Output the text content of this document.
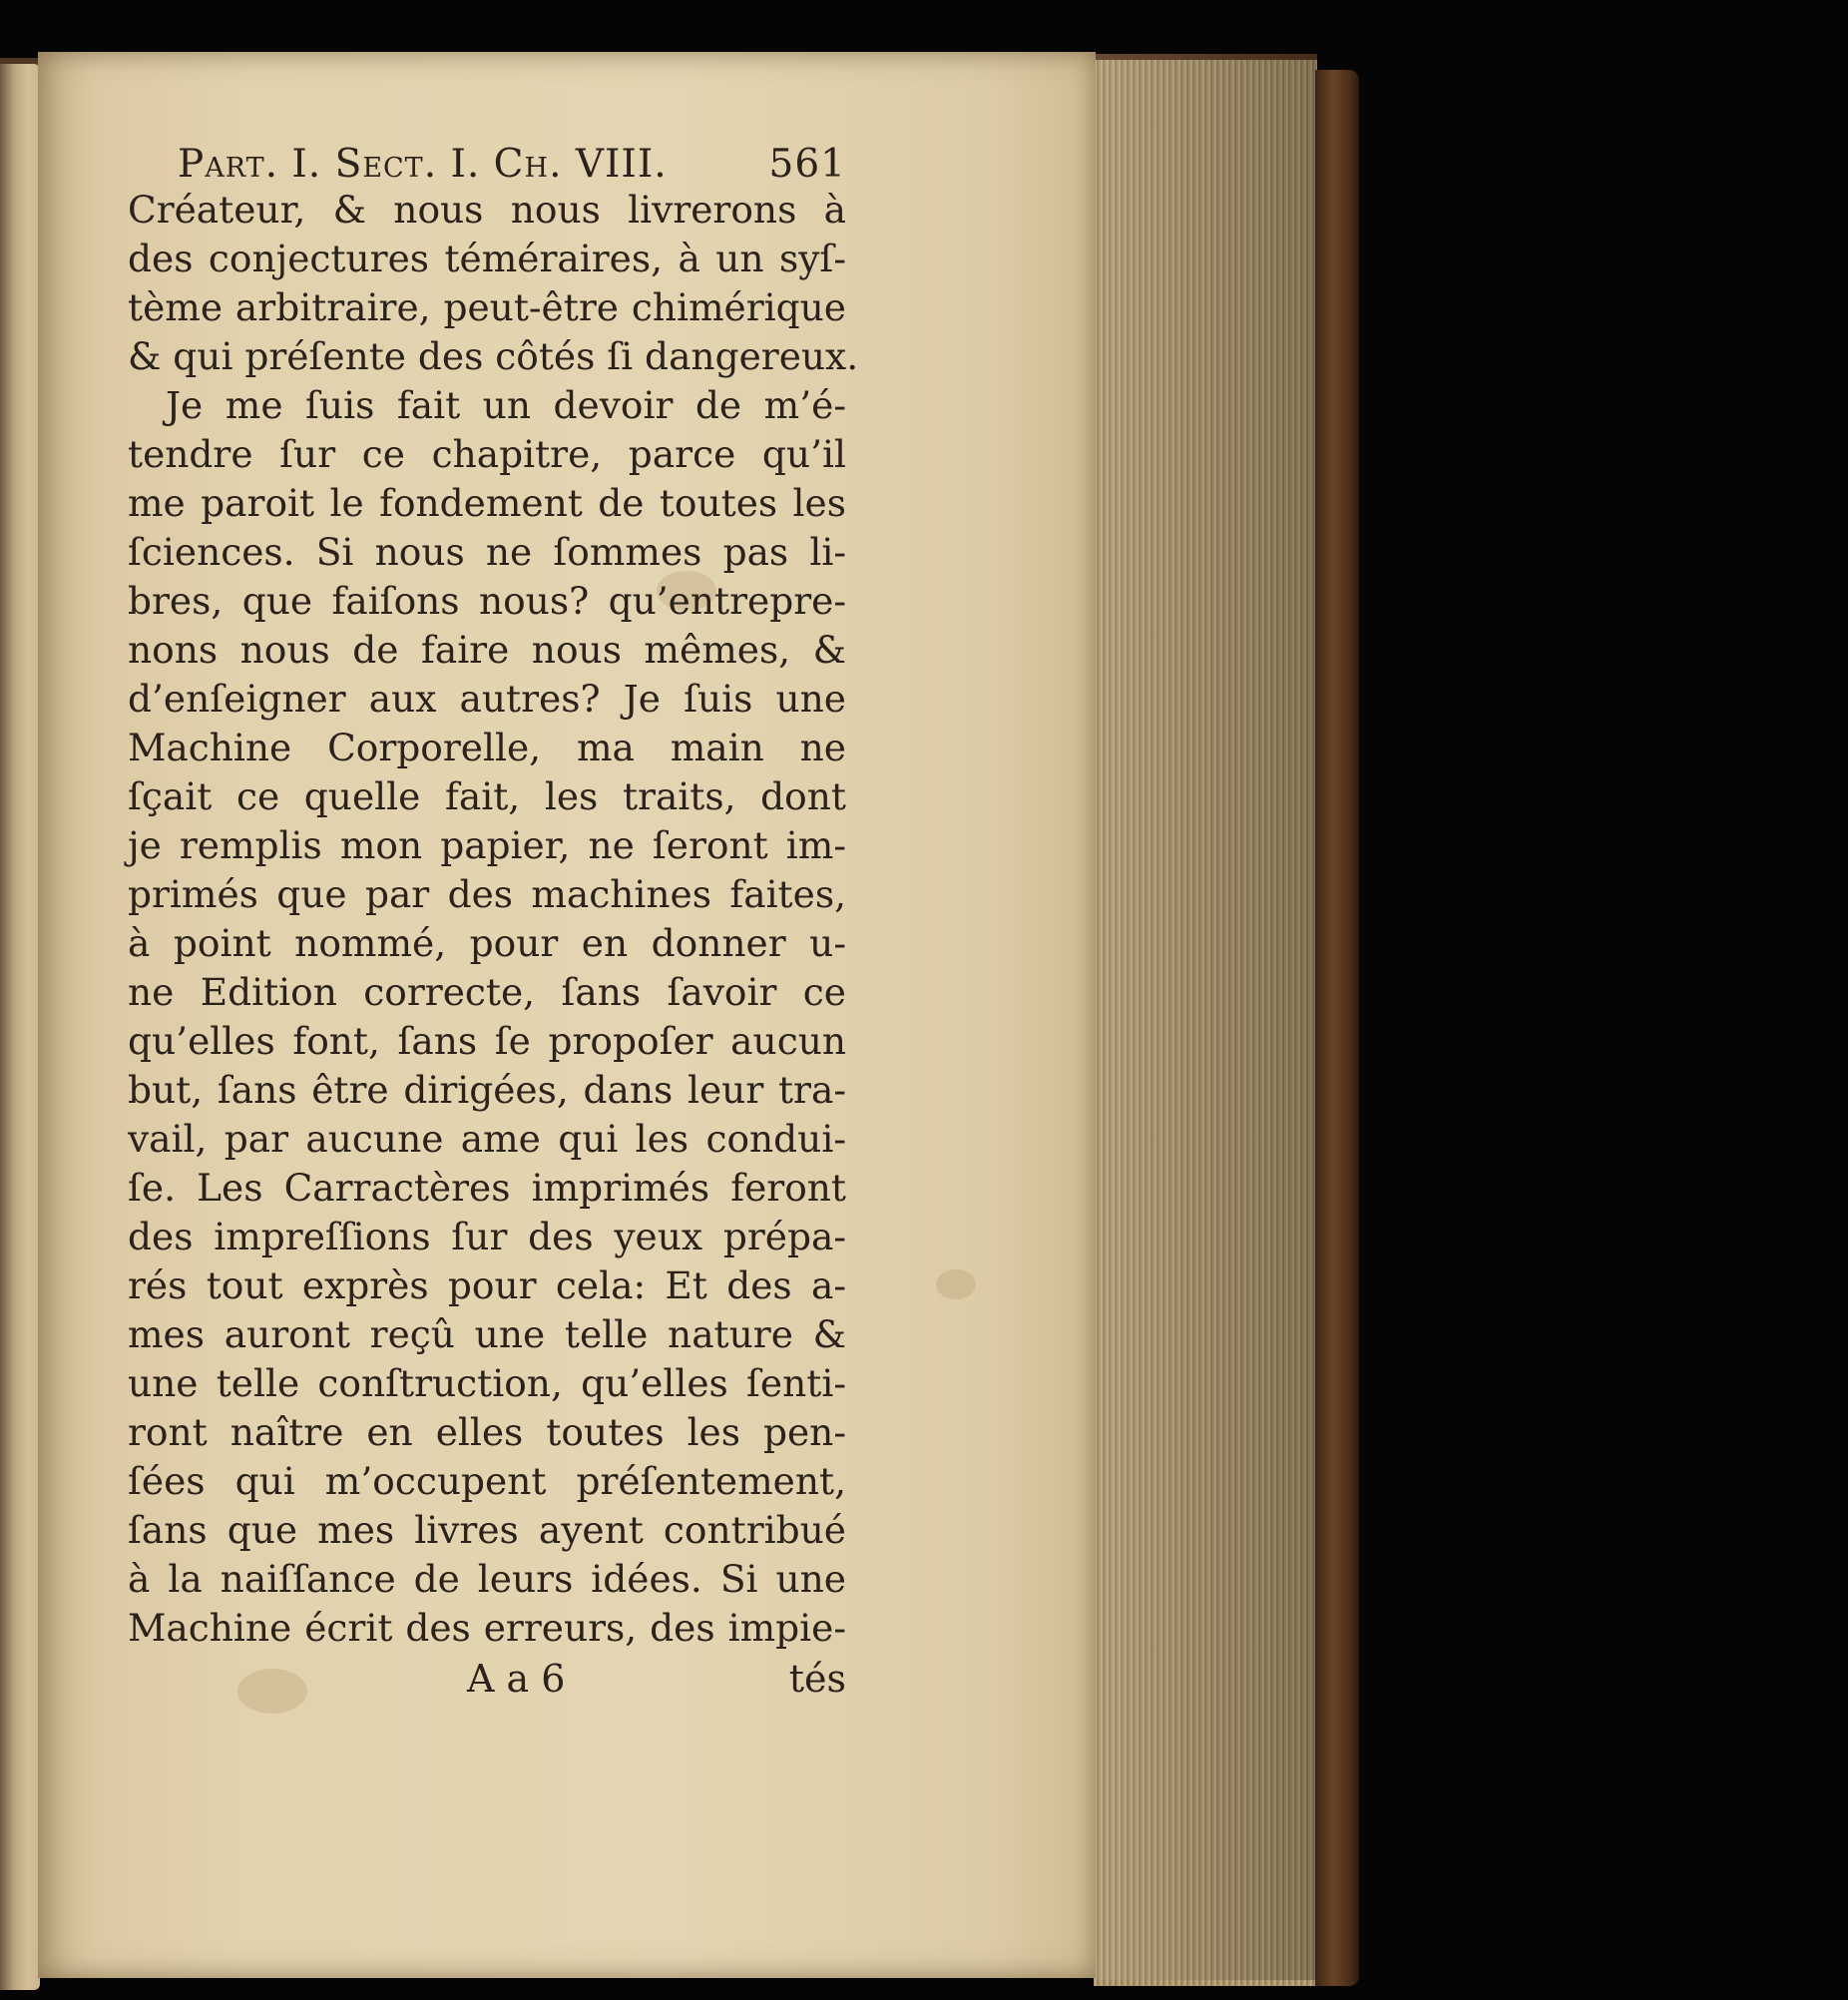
Part. I. Sect. I. Ch. VIII.	561
Créateur, & nous nous livrerons à
des conjectures téméraires, à un syſ-
tème arbitraire, peut-être chimérique
& qui préſente des côtés ſi dangereux.
Je me ſuis fait un devoir de m’é-
tendre ſur ce chapitre, parce qu’il
me paroit le fondement de toutes les
ſciences. Si nous ne ſommes pas li-
bres, que faiſons nous? qu’entrepre-
nons nous de faire nous mêmes, &
d’enſeigner aux autres? Je ſuis une
Machine Corporelle, ma main ne
ſçait ce quelle fait, les traits, dont
je remplis mon papier, ne ſeront im-
primés que par des machines faites,
à point nommé, pour en donner u-
ne Edition correcte, ſans ſavoir ce
qu’elles font, ſans ſe propoſer aucun
but, ſans être dirigées, dans leur tra-
vail, par aucune ame qui les condui-
ſe. Les Carractères imprimés feront
des impreſſions ſur des yeux prépa-
rés tout exprès pour cela: Et des a-
mes auront reçû une telle nature &
une telle conſtruction, qu’elles ſenti-
ront naître en elles toutes les pen-
ſées qui m’occupent préſentement,
ſans que mes livres ayent contribué
à la naiſſance de leurs idées. Si une
Machine écrit des erreurs, des impie-
A a 6	tés
